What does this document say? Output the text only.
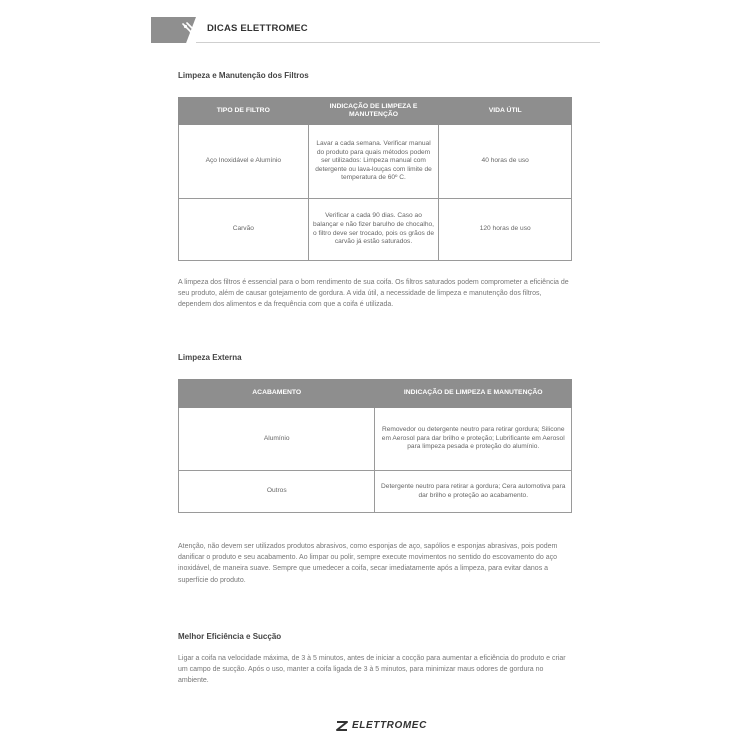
DICAS ELETTROMEC
Limpeza e Manutenção dos Filtros
TIPO DE FILTRO	INDICAÇÃO DE LIMPEZA E MANUTENÇÃO	VIDA ÚTIL
Aço Inoxidável e Alumínio	Lavar a cada semana. Verificar manual do produto para quais métodos podem ser utilizados: Limpeza manual com detergente ou lava-louças com limite de temperatura de 60º C.	40 horas de uso
Carvão	Verificar a cada 90 dias. Caso ao balançar e não fizer barulho de chocalho, o filtro deve ser trocado, pois os grãos de carvão já estão saturados.	120 horas de uso
A limpeza dos filtros é essencial para o bom rendimento de sua coifa. Os filtros saturados podem comprometer a eficiência de seu produto, além de causar gotejamento de gordura. A vida útil, a necessidade de limpeza e manutenção dos filtros, dependem dos alimentos e da frequência com que a coifa é utilizada.
Limpeza Externa
ACABAMENTO	INDICAÇÃO DE LIMPEZA E MANUTENÇÃO
Alumínio	Removedor ou detergente neutro para retirar gordura; Silicone em Aerosol para dar brilho e proteção; Lubrificante em Aerosol para limpeza pesada e proteção do alumínio.
Outros	Detergente neutro para retirar a gordura; Cera automotiva para dar brilho e proteção ao acabamento.
Atenção, não devem ser utilizados produtos abrasivos, como esponjas de aço, sapólios e esponjas abrasivas, pois podem danificar o produto e seu acabamento. Ao limpar ou polir, sempre execute movimentos no sentido do escovamento do aço inoxidável, de maneira suave. Sempre que umedecer a coifa, secar imediatamente após a limpeza, para evitar danos a superfície do produto.
Melhor Eficiência e Sucção
Ligar a coifa na velocidade máxima, de 3 à 5 minutos, antes de iniciar a cocção para aumentar a eficiência do produto e criar um campo de sucção. Após o uso, manter a coifa ligada de 3 à 5 minutos, para minimizar maus odores de gordura no ambiente.
ELETTROMEC
